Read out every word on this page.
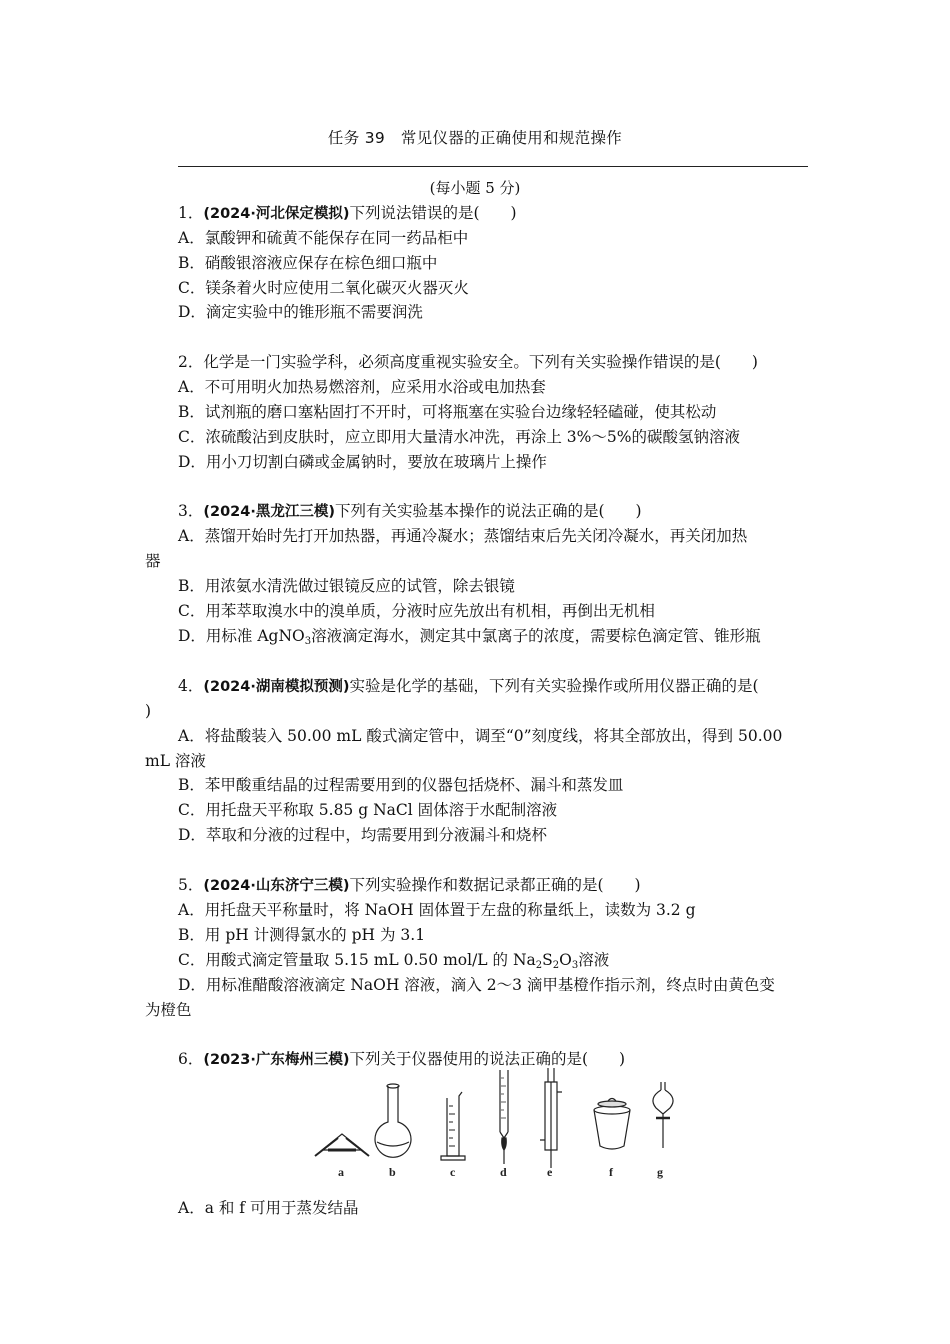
任务 39　常见仪器的正确使用和规范操作
(每小题 5 分)
1．(2024·河北保定模拟)下列说法错误的是(　　)
A．氯酸钾和硫黄不能保存在同一药品柜中
B．硝酸银溶液应保存在棕色细口瓶中
C．镁条着火时应使用二氧化碳灭火器灭火
D．滴定实验中的锥形瓶不需要润洗
2．化学是一门实验学科，必须高度重视实验安全。下列有关实验操作错误的是(　　)
A．不可用明火加热易燃溶剂，应采用水浴或电加热套
B．试剂瓶的磨口塞粘固打不开时，可将瓶塞在实验台边缘轻轻磕碰，使其松动
C．浓硫酸沾到皮肤时，应立即用大量清水冲洗，再涂上 3%～5%的碳酸氢钠溶液
D．用小刀切割白磷或金属钠时，要放在玻璃片上操作
3．(2024·黑龙江三模)下列有关实验基本操作的说法正确的是(　　)
A．蒸馏开始时先打开加热器，再通冷凝水；蒸馏结束后先关闭冷凝水，再关闭加热
器
B．用浓氨水清洗做过银镜反应的试管，除去银镜
C．用苯萃取溴水中的溴单质，分液时应先放出有机相，再倒出无机相
D．用标准 AgNO$_3$溶液滴定海水，测定其中氯离子的浓度，需要棕色滴定管、锥形瓶
4．(2024·湖南模拟预测)实验是化学的基础，下列有关实验操作或所用仪器正确的是(
)
A．将盐酸装入 50.00 mL 酸式滴定管中，调至“0”刻度线，将其全部放出，得到 50.00
mL 溶液
B．苯甲酸重结晶的过程需要用到的仪器包括烧杯、漏斗和蒸发皿
C．用托盘天平称取 5.85 g NaCl 固体溶于水配制溶液
D．萃取和分液的过程中，均需要用到分液漏斗和烧杯
5．(2024·山东济宁三模)下列实验操作和数据记录都正确的是(　　)
A．用托盘天平称量时，将 NaOH 固体置于左盘的称量纸上，读数为 3.2 g
B．用 pH 计测得氯水的 pH 为 3.1
C．用酸式滴定管量取 5.15 mL 0.50 mol/L 的 $Na_2S_2O_3$溶液
D．用标准醋酸溶液滴定 NaOH 溶液，滴入 2～3 滴甲基橙作指示剂，终点时由黄色变
为橙色
6．(2023·广东梅州三模)下列关于仪器使用的说法正确的是(　　)
a	b	c	d	e	f	g
A．a 和 f 可用于蒸发结晶
